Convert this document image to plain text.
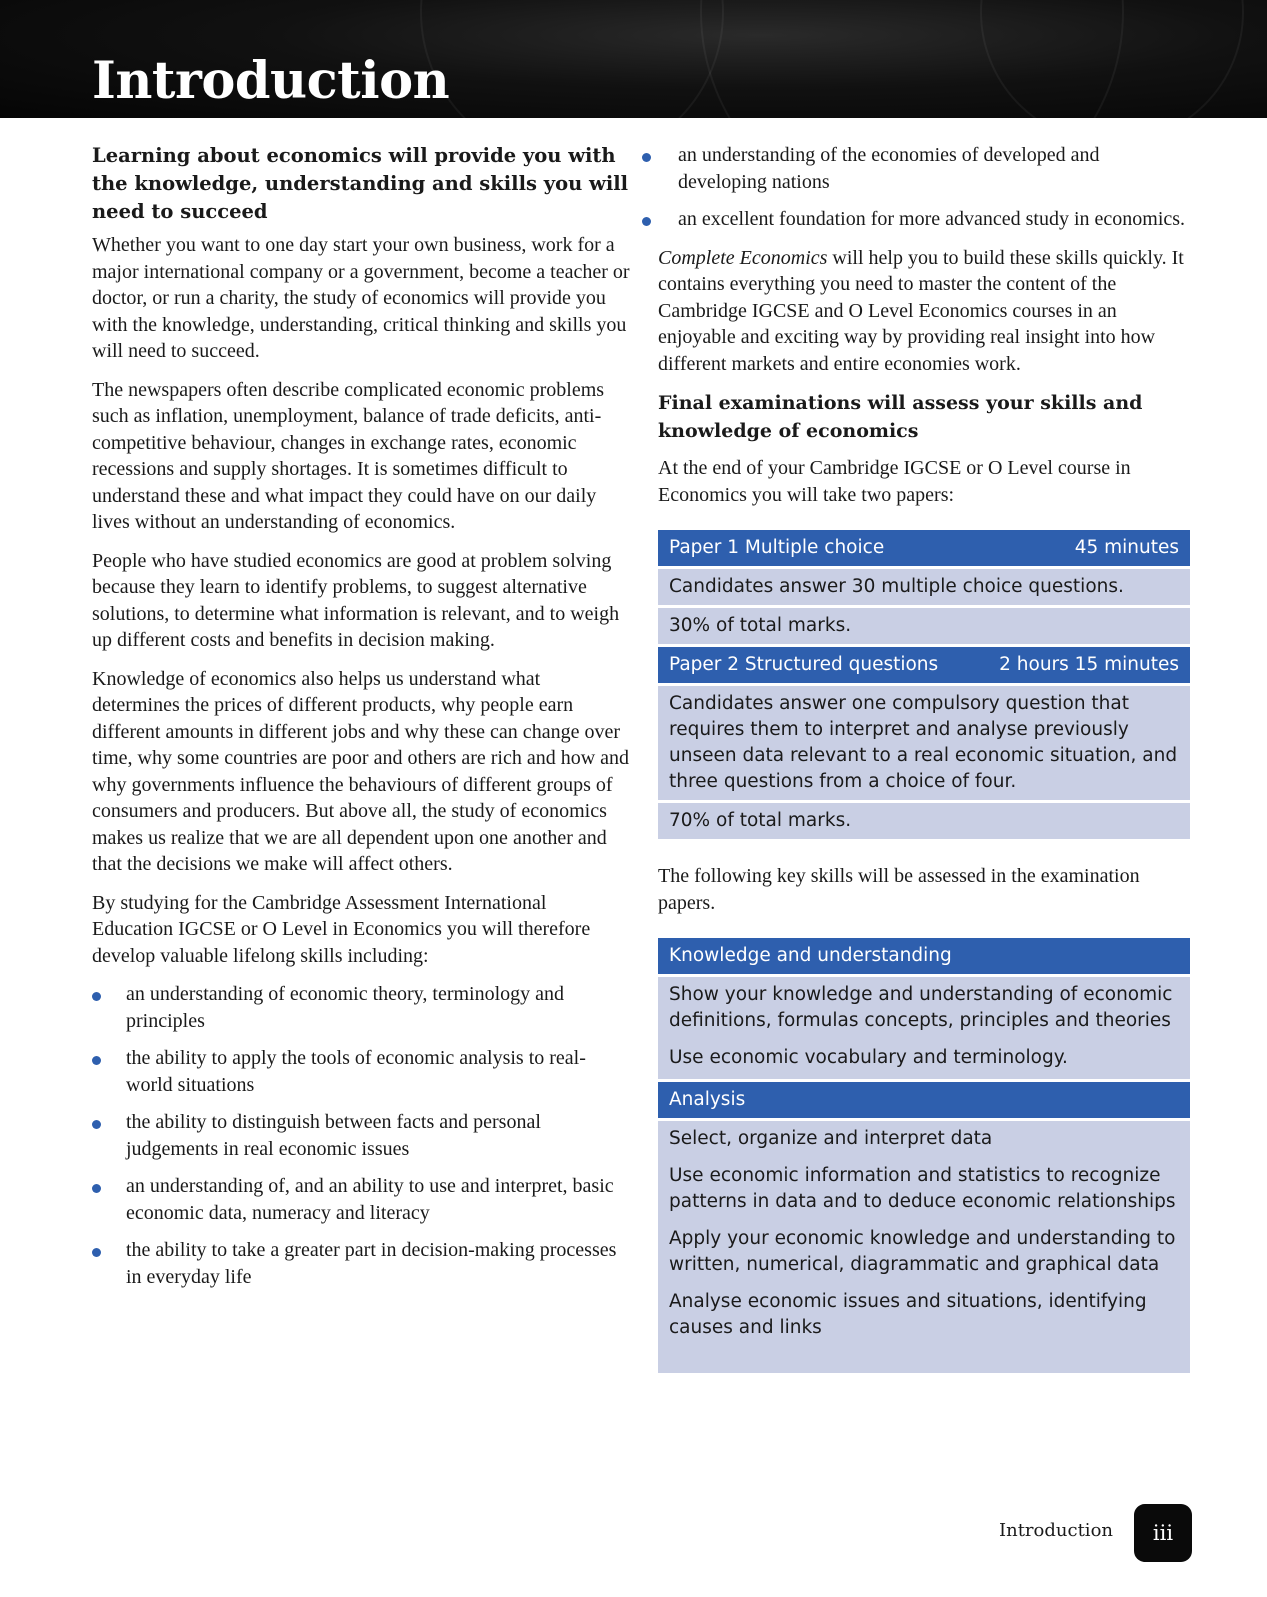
Introduction
Learning about economics will provide you with the knowledge, understanding and skills you will need to succeed

Whether you want to one day start your own business, work for a major international company or a government, become a teacher or doctor, or run a charity, the study of economics will provide you with the knowledge, understanding, critical thinking and skills you will need to succeed.

The newspapers often describe complicated economic problems such as inflation, unemployment, balance of trade deficits, anti-competitive behaviour, changes in exchange rates, economic recessions and supply shortages. It is sometimes difficult to understand these and what impact they could have on our daily lives without an understanding of economics.

People who have studied economics are good at problem solving because they learn to identify problems, to suggest alternative solutions, to determine what information is relevant, and to weigh up different costs and benefits in decision making.

Knowledge of economics also helps us understand what determines the prices of different products, why people earn different amounts in different jobs and why these can change over time, why some countries are poor and others are rich and how and why governments influence the behaviours of different groups of consumers and producers. But above all, the study of economics makes us realize that we are all dependent upon one another and that the decisions we make will affect others.

By studying for the Cambridge Assessment International Education IGCSE or O Level in Economics you will therefore develop valuable lifelong skills including:

an understanding of economic theory, terminology and principles
the ability to apply the tools of economic analysis to real-world situations
the ability to distinguish between facts and personal judgements in real economic issues
an understanding of, and an ability to use and interpret, basic economic data, numeracy and literacy
the ability to take a greater part in decision-making processes in everyday life
an understanding of the economies of developed and developing nations
an excellent foundation for more advanced study in economics.

Complete Economics will help you to build these skills quickly. It contains everything you need to master the content of the Cambridge IGCSE and O Level Economics courses in an enjoyable and exciting way by providing real insight into how different markets and entire economies work.

Final examinations will assess your skills and knowledge of economics

At the end of your Cambridge IGCSE or O Level course in Economics you will take two papers:

Paper 1 Multiple choice	45 minutes
Candidates answer 30 multiple choice questions.
30% of total marks.
Paper 2 Structured questions	2 hours 15 minutes
Candidates answer one compulsory question that requires them to interpret and analyse previously unseen data relevant to a real economic situation, and three questions from a choice of four.
70% of total marks.

The following key skills will be assessed in the examination papers.

Knowledge and understanding
Show your knowledge and understanding of economic definitions, formulas concepts, principles and theories
Use economic vocabulary and terminology.
Analysis
Select, organize and interpret data
Use economic information and statistics to recognize patterns in data and to deduce economic relationships
Apply your economic knowledge and understanding to written, numerical, diagrammatic and graphical data
Analyse economic issues and situations, identifying causes and links
Introduction	iii
